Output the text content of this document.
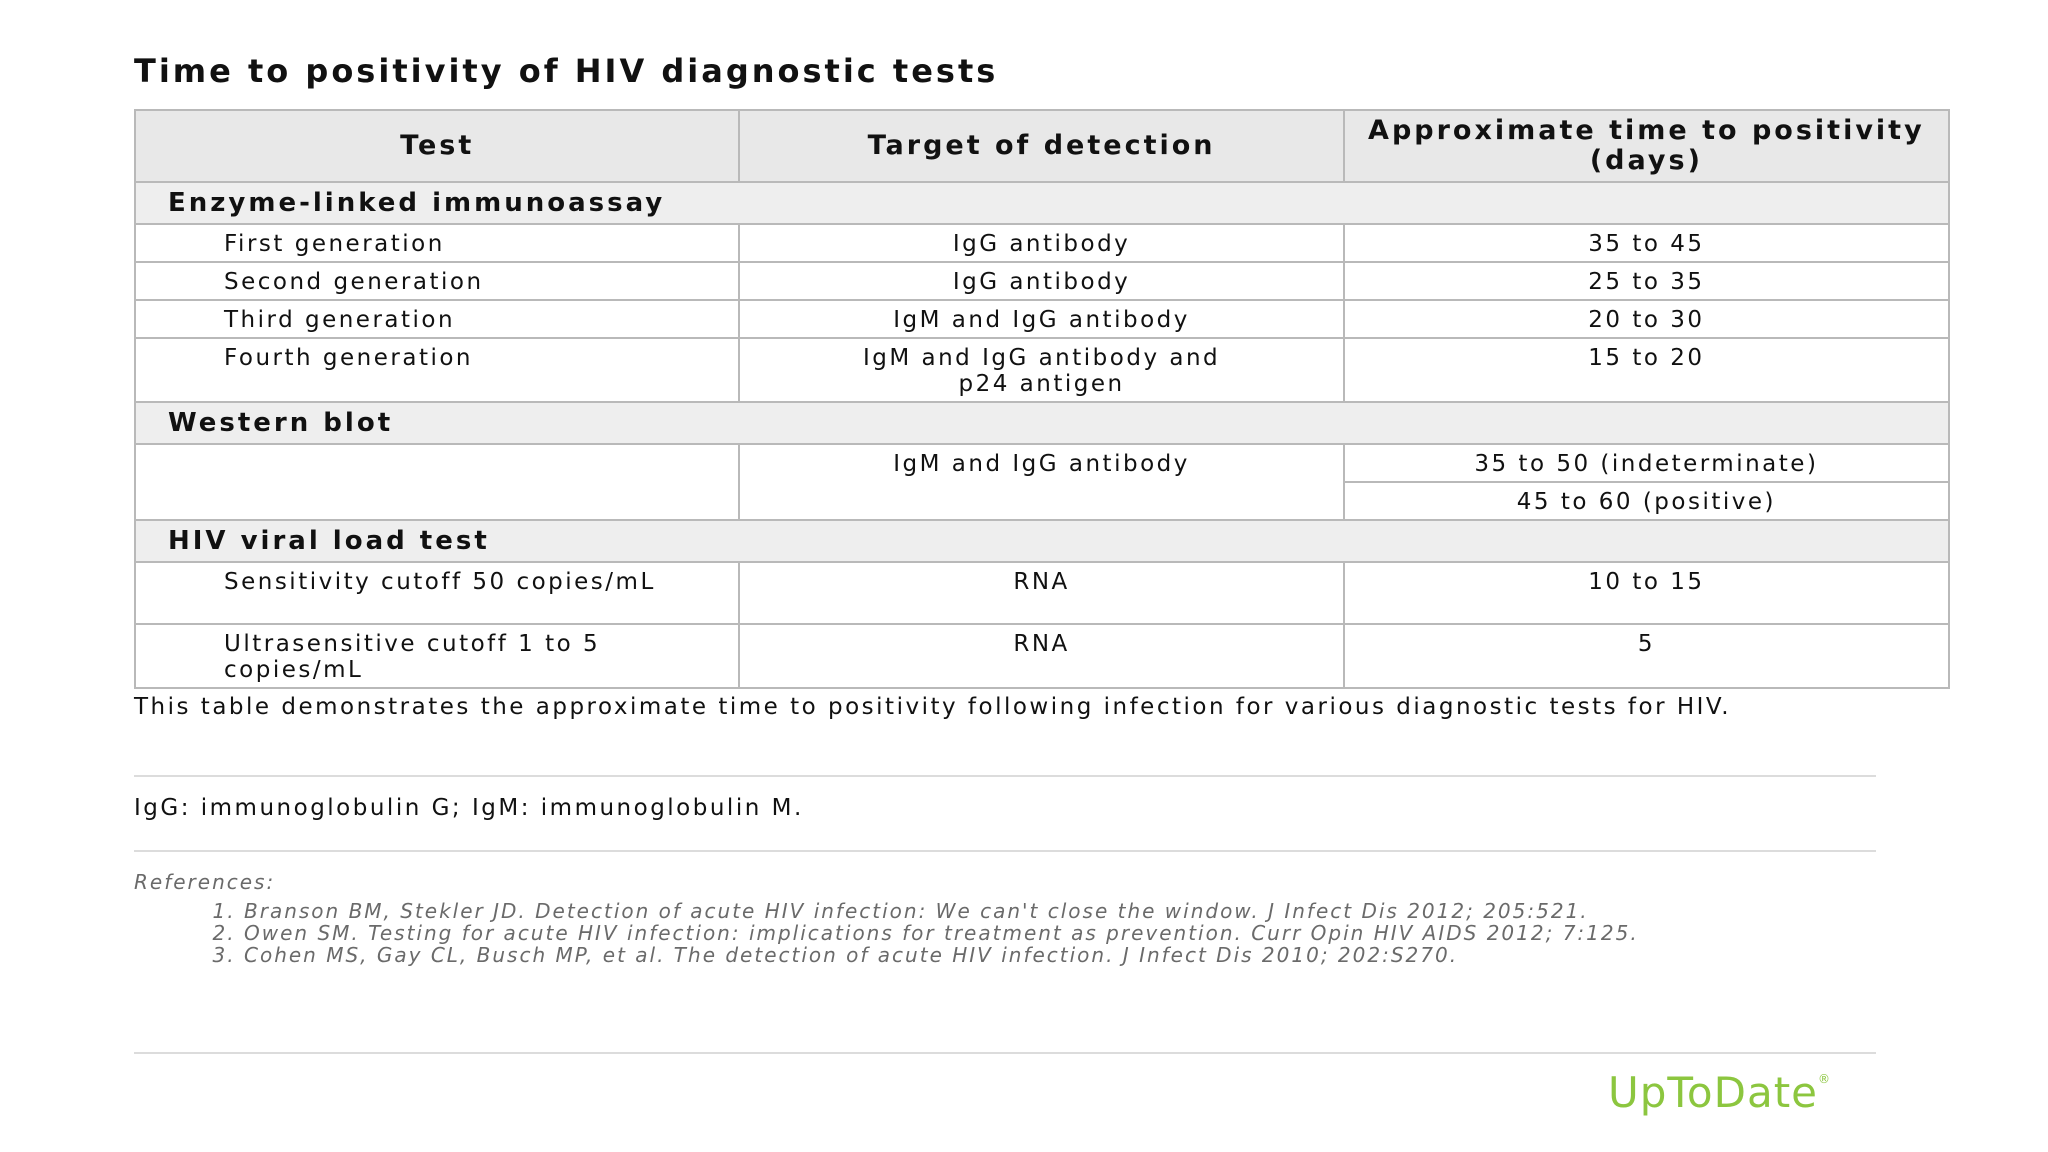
Time to positivity of HIV diagnostic tests
Test	Target of detection	Approximate time to positivity (days)
Enzyme-linked immunoassay		
First generation	IgG antibody	35 to 45
Second generation	IgG antibody	25 to 35
Third generation	IgM and IgG antibody	20 to 30
Fourth generation	IgM and IgG antibody and p24 antigen	15 to 20
Western blot		
	IgM and IgG antibody	35 to 50 (indeterminate)
		45 to 60 (positive)
HIV viral load test		
Sensitivity cutoff 50 copies/mL	RNA	10 to 15
Ultrasensitive cutoff 1 to 5 copies/mL	RNA	5
This table demonstrates the approximate time to positivity following infection for various diagnostic tests for HIV.
IgG: immunoglobulin G; IgM: immunoglobulin M.
References:
1. Branson BM, Stekler JD. Detection of acute HIV infection: We can't close the window. J Infect Dis 2012; 205:521.
2. Owen SM. Testing for acute HIV infection: implications for treatment as prevention. Curr Opin HIV AIDS 2012; 7:125.
3. Cohen MS, Gay CL, Busch MP, et al. The detection of acute HIV infection. J Infect Dis 2010; 202:S270.
UpToDate®
